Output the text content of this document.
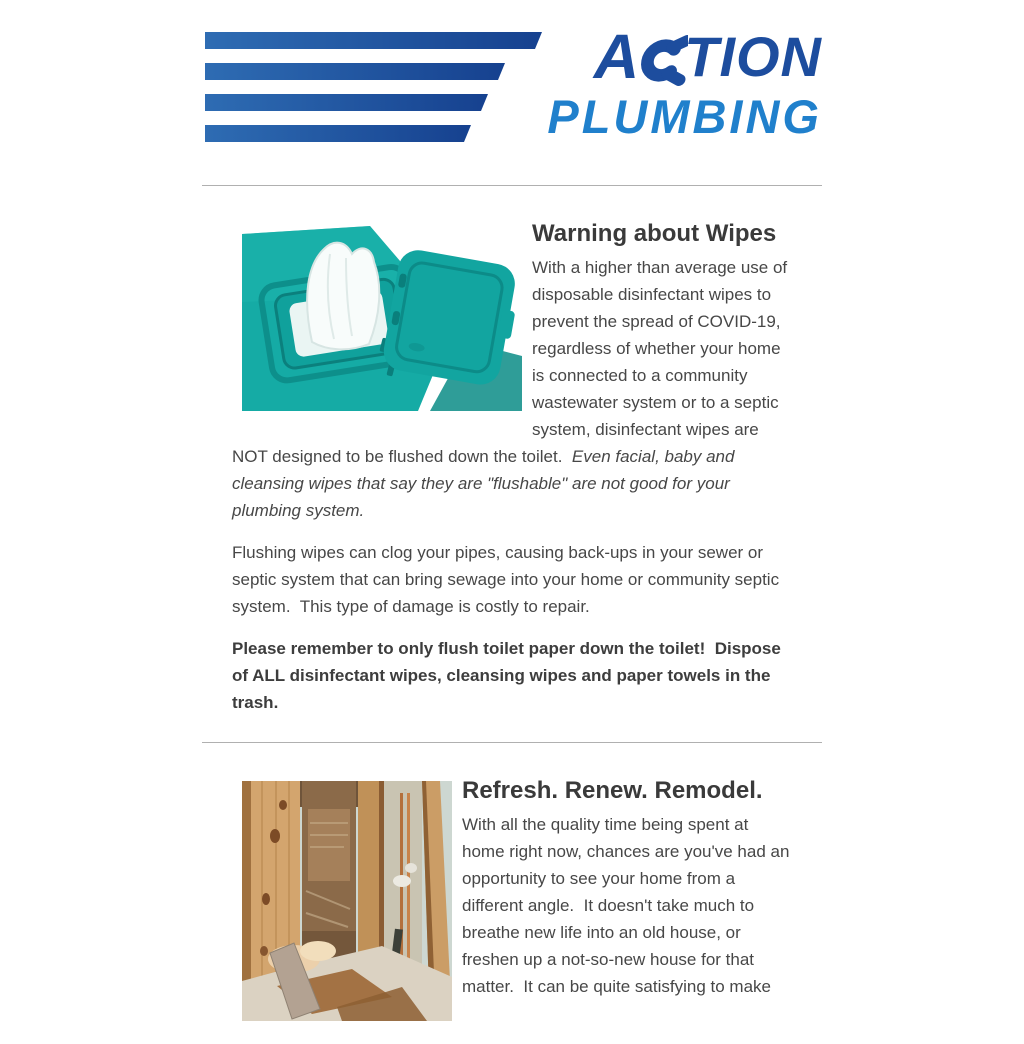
A TION
PLUMBING
Warning about Wipes

With a higher than average use of disposable disinfectant wipes to prevent the spread of COVID-19, regardless of whether your home is connected to a community wastewater system or to a septic system, disinfectant wipes are NOT designed to be flushed down the toilet.  Even facial, baby and cleansing wipes that say they are "flushable" are not good for your plumbing system.

Flushing wipes can clog your pipes, causing back-ups in your sewer or septic system that can bring sewage into your home or community septic system.  This type of damage is costly to repair.

Please remember to only flush toilet paper down the toilet!  Dispose of ALL disinfectant wipes, cleansing wipes and paper towels in the trash.

Refresh. Renew. Remodel.

With all the quality time being spent at home right now, chances are you've had an opportunity to see your home from a different angle.  It doesn't take much to breathe new life into an old house, or freshen up a not-so-new house for that matter.  It can be quite satisfying to make
